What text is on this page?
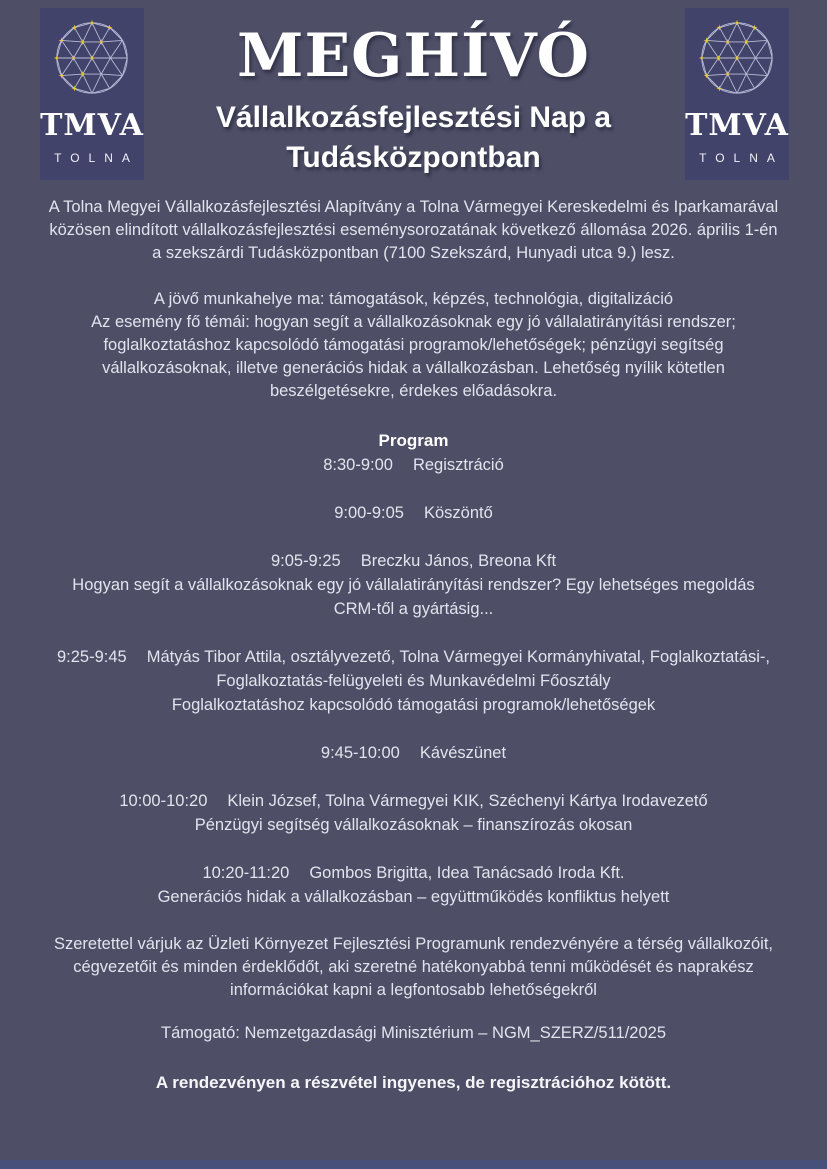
TMVA
TOLNA
TMVA
TOLNA
MEGHÍVÓ
Vállalkozásfejlesztési Nap a Tudásközpontban

A Tolna Megyei Vállalkozásfejlesztési Alapítvány a Tolna Vármegyei Kereskedelmi és Iparkamarával közösen elindított vállalkozásfejlesztési eseménysorozatának következő állomása 2026. április 1-én a szekszárdi Tudásközpontban (7100 Szekszárd, Hunyadi utca 9.) lesz.

A jövő munkahelye ma: támogatások, képzés, technológia, digitalizáció

Az esemény fő témái: hogyan segít a vállalkozásoknak egy jó vállalatirányítási rendszer; foglalkoztatáshoz kapcsolódó támogatási programok/lehetőségek; pénzügyi segítség vállalkozásoknak, illetve generációs hidak a vállalkozásban. Lehetőség nyílik kötetlen beszélgetésekre, érdekes előadásokra.

Program

8:30-9:00 Regisztráció
9:00-9:05 Köszöntő
9:05-9:25 Breczku János, Breona Kft
Hogyan segít a vállalkozásoknak egy jó vállalatirányítási rendszer? Egy lehetséges megoldás CRM-től a gyártásig...
9:25-9:45 Mátyás Tibor Attila, osztályvezető, Tolna Vármegyei Kormányhivatal, Foglalkoztatási-, Foglalkoztatás-felügyeleti és Munkavédelmi Főosztály
Foglalkoztatáshoz kapcsolódó támogatási programok/lehetőségek
9:45-10:00 Kávészünet
10:00-10:20 Klein József, Tolna Vármegyei KIK, Széchenyi Kártya Irodavezető
Pénzügyi segítség vállalkozásoknak – finanszírozás okosan
10:20-11:20 Gombos Brigitta, Idea Tanácsadó Iroda Kft.
Generációs hidak a vállalkozásban – együttműködés konfliktus helyett

Szeretettel várjuk az Üzleti Környezet Fejlesztési Programunk rendezvényére a térség vállalkozóit, cégvezetőit és minden érdeklődőt, aki szeretné hatékonyabbá tenni működését és naprakész információkat kapni a legfontosabb lehetőségekről

Támogató: Nemzetgazdasági Minisztérium – NGM_SZERZ/511/2025

A rendezvényen a részvétel ingyenes, de regisztrációhoz kötött.
